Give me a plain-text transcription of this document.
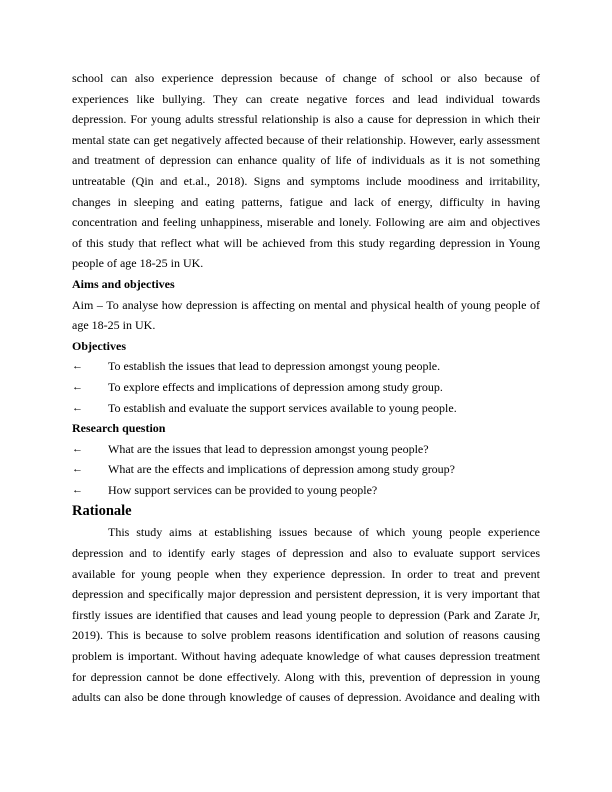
school can also experience depression because of change of school or also because of experiences like bullying. They can create negative forces and lead individual towards depression. For young adults stressful relationship is also a cause for depression in which their mental state can get negatively affected because of their relationship. However, early assessment and treatment of depression can enhance quality of life of individuals as it is not something untreatable (Qin and et.al., 2018). Signs and symptoms include moodiness and irritability, changes in sleeping and eating patterns, fatigue and lack of energy, difficulty in having concentration and feeling unhappiness, miserable and lonely. Following are aim and objectives of this study that reflect what will be achieved from this study regarding depression in Young people of age 18-25 in UK.

Aims and objectives

Aim – To analyse how depression is affecting on mental and physical health of young people of age 18-25 in UK.

Objectives
←	To establish the issues that lead to depression amongst young people.
←	To explore effects and implications of depression among study group.
←	To establish and evaluate the support services available to young people.
Research question
←	What are the issues that lead to depression amongst young people?
←	What are the effects and implications of depression among study group?
←	How support services can be provided to young people?
Rationale

This study aims at establishing issues because of which young people experience depression and to identify early stages of depression and also to evaluate support services available for young people when they experience depression. In order to treat and prevent depression and specifically major depression and persistent depression, it is very important that firstly issues are identified that causes and lead young people to depression (Park and Zarate Jr, 2019). This is because to solve problem reasons identification and solution of reasons causing problem is important. Without having adequate knowledge of what causes depression treatment for depression cannot be done effectively. Along with this, prevention of depression in young adults can also be done through knowledge of causes of depression. Avoidance and dealing with
